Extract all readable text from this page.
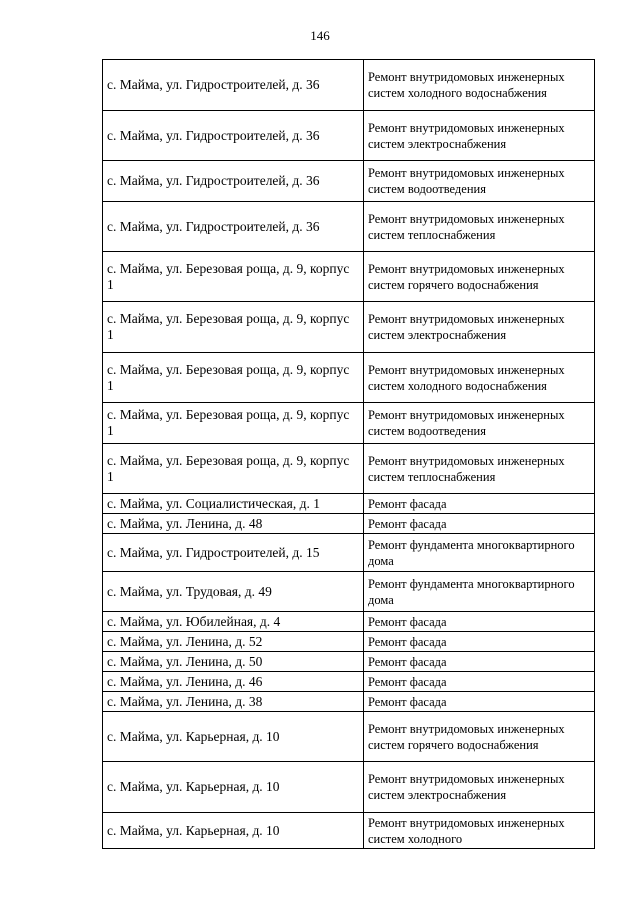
146
с. Майма, ул. Гидростроителей, д. 36	Ремонт внутридомовых инженерных систем холодного водоснабжения
с. Майма, ул. Гидростроителей, д. 36	Ремонт внутридомовых инженерных систем электроснабжения
с. Майма, ул. Гидростроителей, д. 36	Ремонт внутридомовых инженерных систем водоотведения
с. Майма, ул. Гидростроителей, д. 36	Ремонт внутридомовых инженерных систем теплоснабжения
с. Майма, ул. Березовая роща, д. 9, корпус 1	Ремонт внутридомовых инженерных систем горячего водоснабжения
с. Майма, ул. Березовая роща, д. 9, корпус 1	Ремонт внутридомовых инженерных систем электроснабжения
с. Майма, ул. Березовая роща, д. 9, корпус 1	Ремонт внутридомовых инженерных систем холодного водоснабжения
с. Майма, ул. Березовая роща, д. 9, корпус 1	Ремонт внутридомовых инженерных систем водоотведения
с. Майма, ул. Березовая роща, д. 9, корпус 1	Ремонт внутридомовых инженерных систем теплоснабжения
с. Майма, ул. Социалистическая, д. 1	Ремонт фасада
с. Майма, ул. Ленина, д. 48	Ремонт фасада
с. Майма, ул. Гидростроителей, д. 15	Ремонт фундамента многоквартирного дома
с. Майма, ул. Трудовая, д. 49	Ремонт фундамента многоквартирного дома
с. Майма, ул. Юбилейная, д. 4	Ремонт фасада
с. Майма, ул. Ленина, д. 52	Ремонт фасада
с. Майма, ул. Ленина, д. 50	Ремонт фасада
с. Майма, ул. Ленина, д. 46	Ремонт фасада
с. Майма, ул. Ленина, д. 38	Ремонт фасада
с. Майма, ул. Карьерная, д. 10	Ремонт внутридомовых инженерных систем горячего водоснабжения
с. Майма, ул. Карьерная, д. 10	Ремонт внутридомовых инженерных систем электроснабжения
с. Майма, ул. Карьерная, д. 10	Ремонт внутридомовых инженерных систем холодного
